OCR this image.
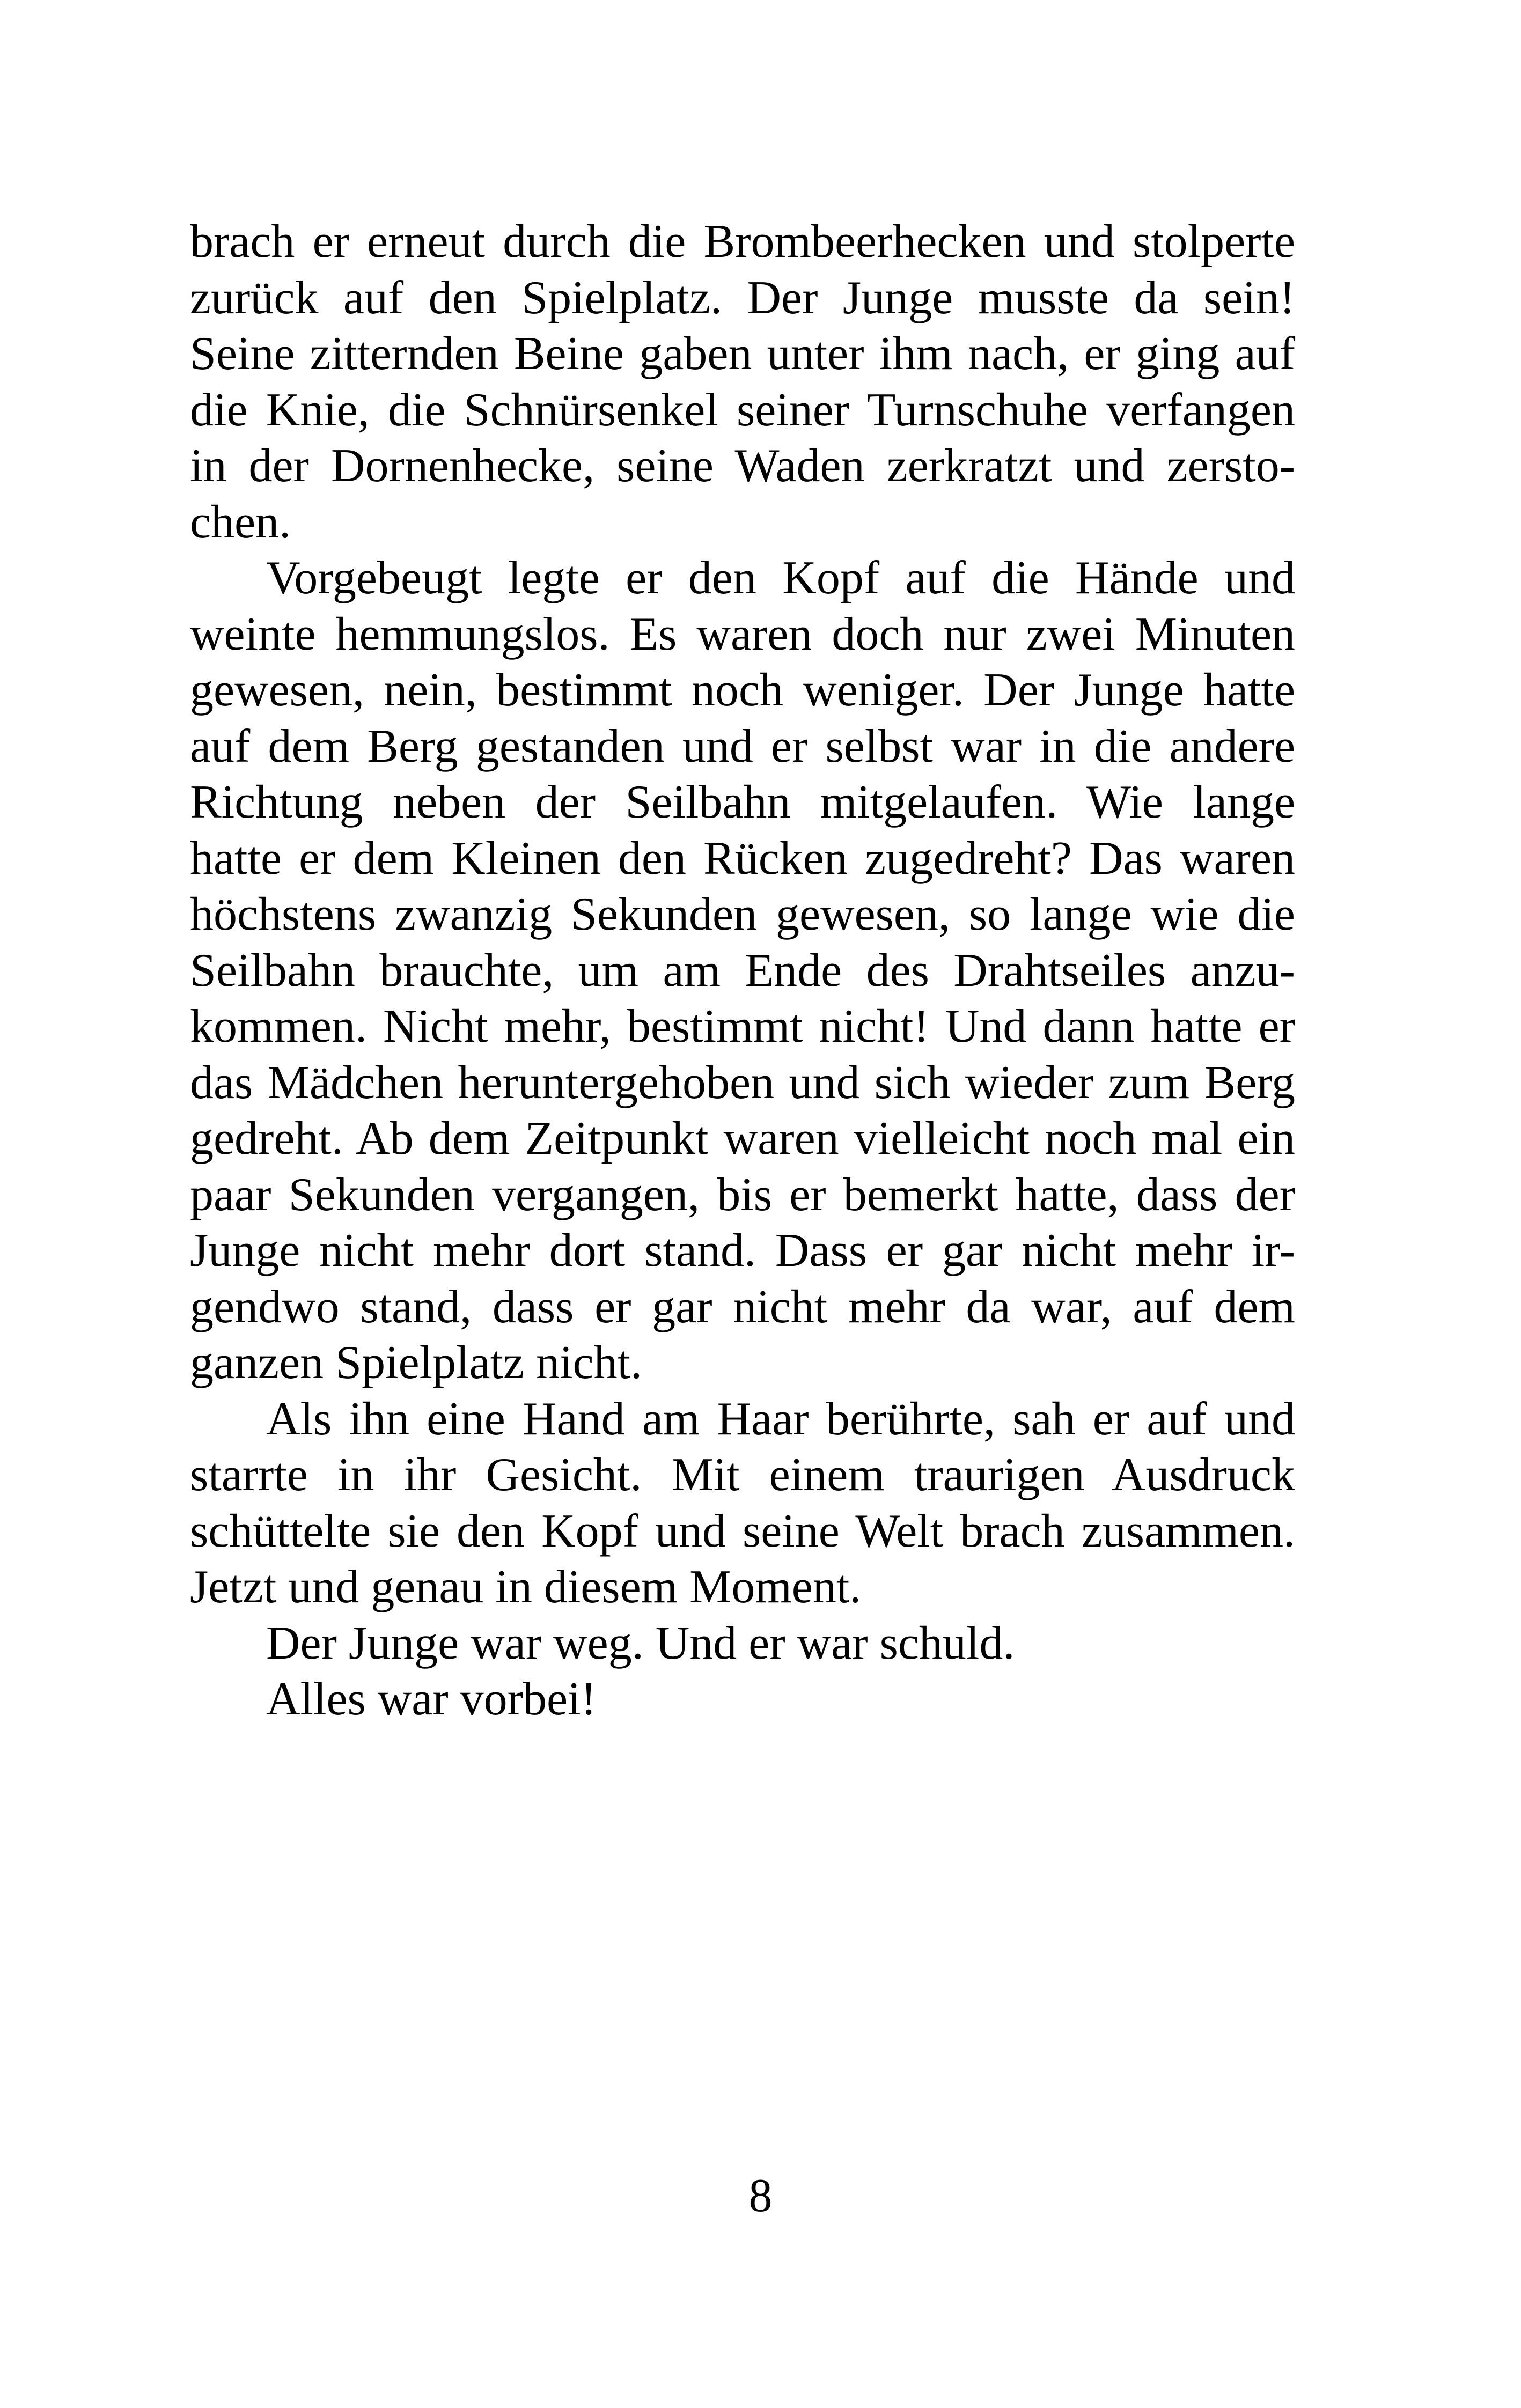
brach er erneut durch die Brombeerhecken und stolperte
zurück auf den Spielplatz. Der Junge musste da sein!
Seine zitternden Beine gaben unter ihm nach, er ging auf
die Knie, die Schnürsenkel seiner Turnschuhe verfangen
in der Dornenhecke, seine Waden zerkratzt und zersto-
chen.
Vorgebeugt legte er den Kopf auf die Hände und
weinte hemmungslos. Es waren doch nur zwei Minuten
gewesen, nein, bestimmt noch weniger. Der Junge hatte
auf dem Berg gestanden und er selbst war in die andere
Richtung neben der Seilbahn mitgelaufen. Wie lange
hatte er dem Kleinen den Rücken zugedreht? Das waren
höchstens zwanzig Sekunden gewesen, so lange wie die
Seilbahn brauchte, um am Ende des Drahtseiles anzu-
kommen. Nicht mehr, bestimmt nicht! Und dann hatte er
das Mädchen heruntergehoben und sich wieder zum Berg
gedreht. Ab dem Zeitpunkt waren vielleicht noch mal ein
paar Sekunden vergangen, bis er bemerkt hatte, dass der
Junge nicht mehr dort stand. Dass er gar nicht mehr ir-
gendwo stand, dass er gar nicht mehr da war, auf dem
ganzen Spielplatz nicht.
Als ihn eine Hand am Haar berührte, sah er auf und
starrte in ihr Gesicht. Mit einem traurigen Ausdruck
schüttelte sie den Kopf und seine Welt brach zusammen.
Jetzt und genau in diesem Moment.
Der Junge war weg. Und er war schuld.
Alles war vorbei!
8
